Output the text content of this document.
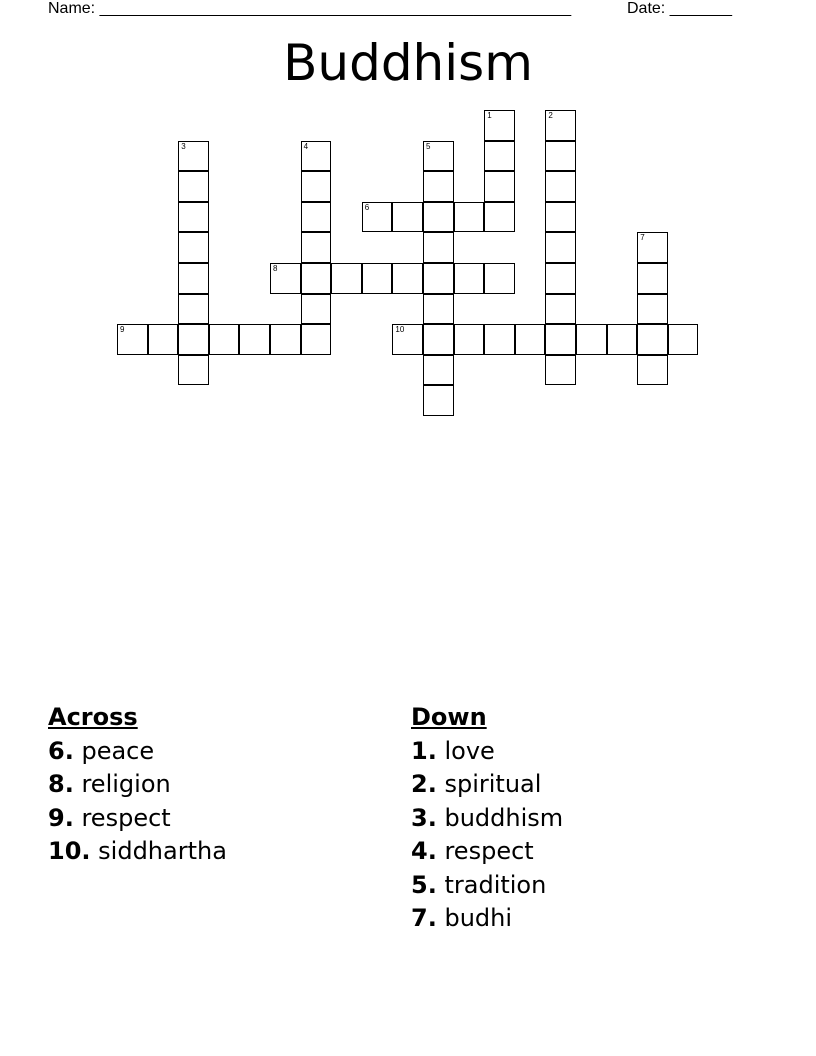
Name: _____________________________________________________	Date: _______
Buddhism
1	2
3	4	5
6
7
8
9	10
Across
6. peace
8. religion
9. respect
10. siddhartha
Down
1. love
2. spiritual
3. buddhism
4. respect
5. tradition
7. budhi
